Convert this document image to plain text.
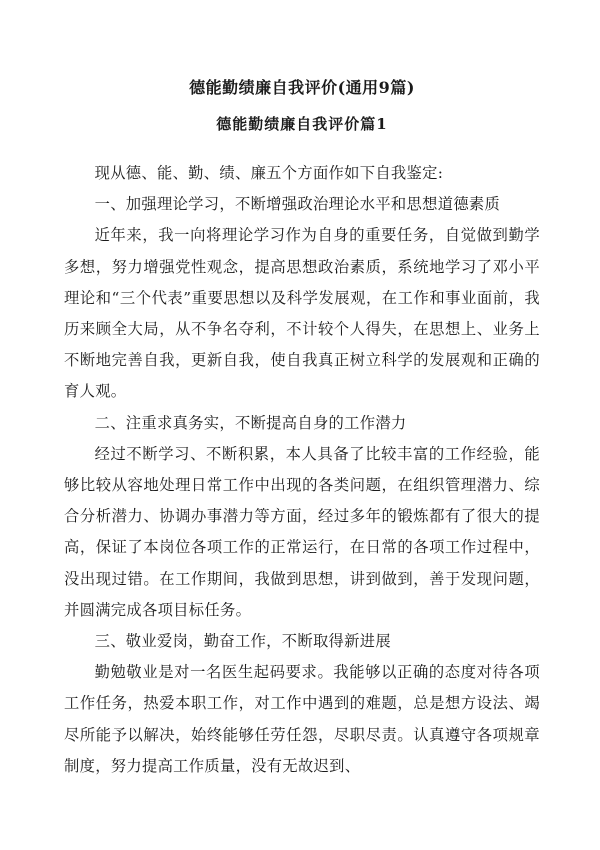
德能勤绩廉自我评价(通用9篇)
德能勤绩廉自我评价篇1

现从德、能、勤、绩、廉五个方面作如下自我鉴定:

一、加强理论学习，不断增强政治理论水平和思想道德素质

近年来，我一向将理论学习作为自身的重要任务，自觉做到勤学多想，努力增强党性观念，提高思想政治素质，系统地学习了邓小平理论和“三个代表”重要思想以及科学发展观，在工作和事业面前，我历来顾全大局，从不争名夺利，不计较个人得失，在思想上、业务上不断地完善自我，更新自我，使自我真正树立科学的发展观和正确的育人观。

二、注重求真务实，不断提高自身的工作潜力

经过不断学习、不断积累，本人具备了比较丰富的工作经验，能够比较从容地处理日常工作中出现的各类问题，在组织管理潜力、综合分析潜力、协调办事潜力等方面，经过多年的锻炼都有了很大的提高，保证了本岗位各项工作的正常运行，在日常的各项工作过程中，没出现过错。在工作期间，我做到思想，讲到做到，善于发现问题，并圆满完成各项目标任务。

三、敬业爱岗，勤奋工作，不断取得新进展

勤勉敬业是对一名医生起码要求。我能够以正确的态度对待各项工作任务，热爱本职工作，对工作中遇到的难题，总是想方设法、竭尽所能予以解决，始终能够任劳任怨，尽职尽责。认真遵守各项规章制度，努力提高工作质量，没有无故迟到、
